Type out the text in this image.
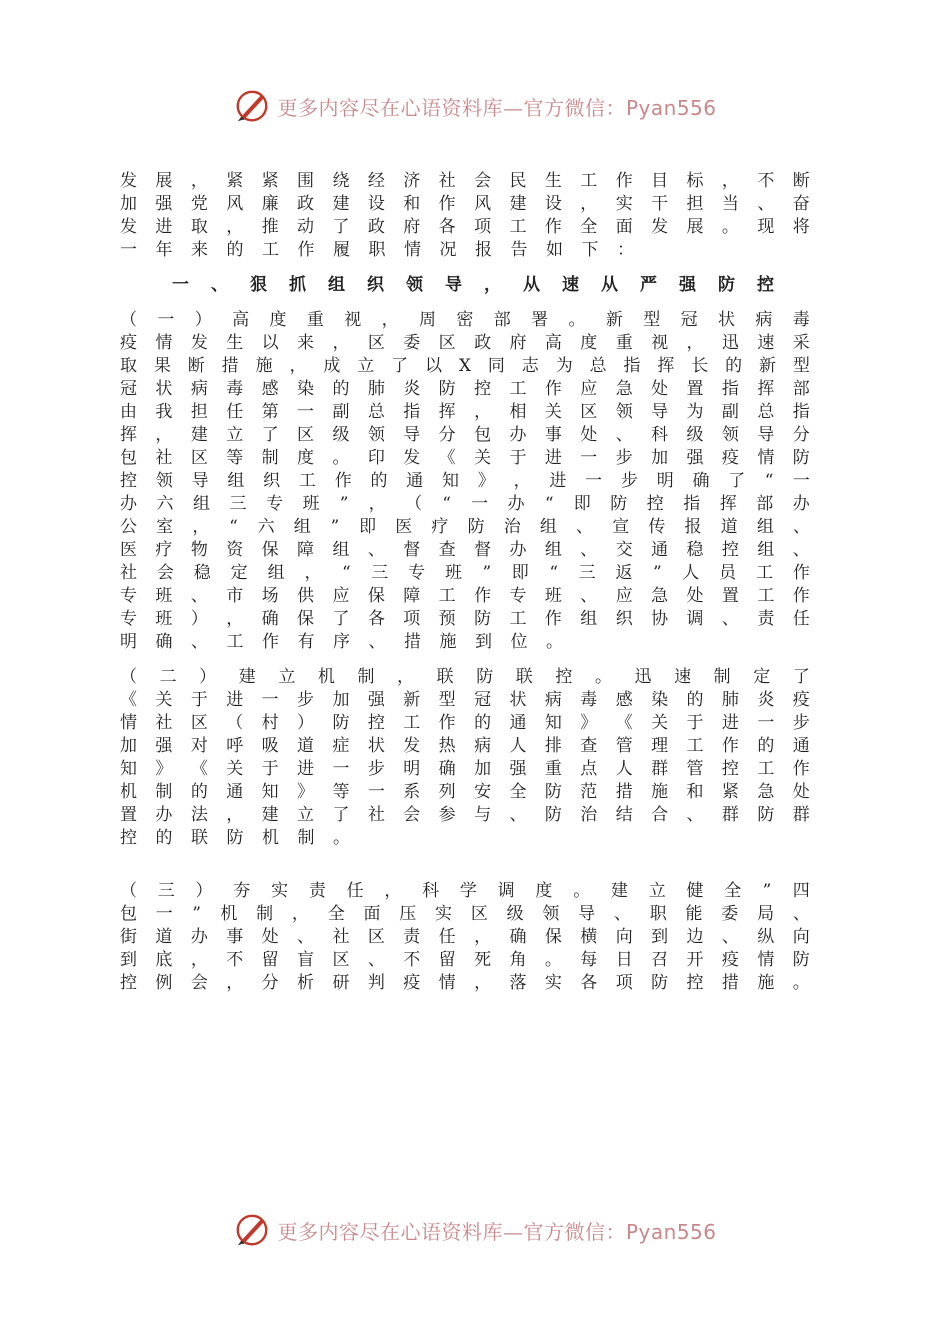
更多内容尽在心语资料库—官方微信：Pyan556
发 展 ， 紧 紧 围 绕 经 济 社 会 民 生 工 作 目 标 ， 不 断
加 强 党 风 廉 政 建 设 和 作 风 建 设 ， 实 干 担 当 、 奋
发 进 取 ， 推 动 了 政 府 各 项 工 作 全 面 发 展 。 现 将
一 年 来 的 工 作 履 职 情 况 报 告 如 下 ：
一 、 狠 抓 组 织 领 导 ， 从 速 从 严 强 防 控
（ 一 ） 高 度 重 视 ， 周 密 部 署 。 新 型 冠 状 病 毒
疫 情 发 生 以 来 ， 区 委 区 政 府 高 度 重 视 ， 迅 速 采
取 果 断 措 施 ， 成 立 了 以 X 同 志 为 总 指 挥 长 的 新 型
冠 状 病 毒 感 染 的 肺 炎 防 控 工 作 应 急 处 置 指 挥 部
由 我 担 任 第 一 副 总 指 挥 ， 相 关 区 领 导 为 副 总 指
挥 ， 建 立 了 区 级 领 导 分 包 办 事 处 、 科 级 领 导 分
包 社 区 等 制 度 。 印 发 《 关 于 进 一 步 加 强 疫 情 防
控 领 导 组 织 工 作 的 通 知 》 ， 进 一 步 明 确 了 “ 一
办 六 组 三 专 班 ” ， （ “ 一 办 “ 即 防 控 指 挥 部 办
公 室 ， “ 六 组 ” 即 医 疗 防 治 组 、 宣 传 报 道 组 、
医 疗 物 资 保 障 组 、 督 查 督 办 组 、 交 通 稳 控 组 、
社 会 稳 定 组 ， “ 三 专 班 ” 即 “ 三 返 ” 人 员 工 作
专 班 、 市 场 供 应 保 障 工 作 专 班 、 应 急 处 置 工 作
专 班 ） ， 确 保 了 各 项 预 防 工 作 组 织 协 调 、 责 任
明 确 、 工 作 有 序 、 措 施 到 位 。
（ 二 ） 建 立 机 制 ， 联 防 联 控 。 迅 速 制 定 了
《 关 于 进 一 步 加 强 新 型 冠 状 病 毒 感 染 的 肺 炎 疫
情 社 区 （ 村 ） 防 控 工 作 的 通 知 》 《 关 于 进 一 步
加 强 对 呼 吸 道 症 状 发 热 病 人 排 查 管 理 工 作 的 通
知 》 《 关 于 进 一 步 明 确 加 强 重 点 人 群 管 控 工 作
机 制 的 通 知 》 等 一 系 列 安 全 防 范 措 施 和 紧 急 处
置 办 法 ， 建 立 了 社 会 参 与 、 防 治 结 合 、 群 防 群
控 的 联 防 机 制 。
（ 三 ） 夯 实 责 任 ， 科 学 调 度 。 建 立 健 全 ” 四
包 一 ” 机 制 ， 全 面 压 实 区 级 领 导 、 职 能 委 局 、
街 道 办 事 处 、 社 区 责 任 ， 确 保 横 向 到 边 、 纵 向
到 底 ， 不 留 盲 区 、 不 留 死 角 。 每 日 召 开 疫 情 防
控 例 会 ， 分 析 研 判 疫 情 ， 落 实 各 项 防 控 措 施 。
更多内容尽在心语资料库—官方微信：Pyan556
